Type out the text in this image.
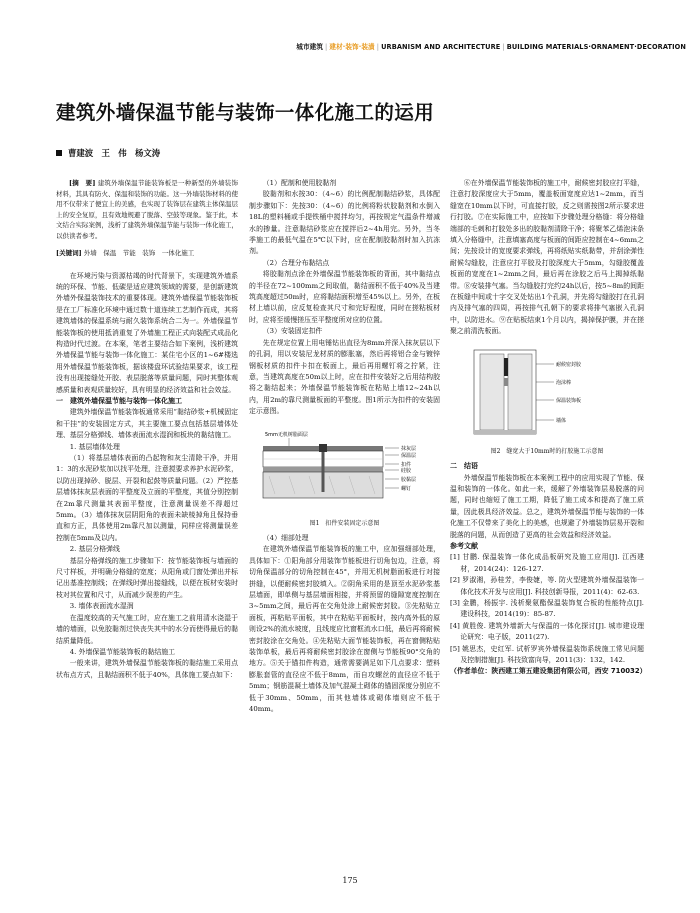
城市建筑 | 建材·装饰·装潢 | URBANISM AND ARCHITECTURE | BUILDING MATERIALS·ORNAMENT·DECORATION
建筑外墙保温节能与装饰一体化施工的运用
曹建波　王　伟　杨文涛

[摘　要] 建筑外墙保温节能装饰板是一种新型的外墙装饰材料，其具有防火、保温和装饰的功能。这一外墙装饰材料的使用不仅带来了便宜上的美感，也实现了装饰层在建筑主体保温层上的安全复原，且有效地规避了脱落、空鼓等现象。鉴于此，本文结合实际案例，浅析了建筑外墙保温节能与装饰一体化施工，以供读者参考。

[关键词] 外墙　保温　节能　装饰　一体化施工

在环境污染与资源枯竭的时代背景下，实现建筑外墙系统的环保、节能、低碳是适应建筑领域的需要，是创新建筑外墙外保温装饰技术的重要体现。建筑外墙保温节能装饰板是在工厂标准化环境中通过数十道连续工艺制作而成，其将建筑墙体的保温系统与耐久装饰系统合二为一。外墙保温节能装饰板的使用抵消重复了外墙施工程正式向装配式成品化构造时代过渡。在本案，笔者主要结合如下案例，浅析建筑外墙保温节能与装饰一体化施工：某住宅小区的1~6#楼选用外墙保温节能装饰板，据该楼盘环试验结果要求，该工程没有出现接缝处开胶、表层脱落等质量问题，同时其整体观感质量和表观质量较好，具有明显的经济效益和社会效益。

一　建筑外墙保温节能与装饰一体化施工

建筑外墙保温节能装饰板通常采用“黏结砂浆+机械固定和干挂”的安装固定方式，其主要施工要点包括基层墙体处理、基层分格弹线、墙体表面流水湿润和板块的黏结施工。

1. 基层墙体处理

（1）将基层墙体表面的凸起物和灰尘清除干净，并用1：3的水泥砂浆加以找平处理，注意搅要求养护水泥砂浆，以防出现掉砂、脱层、开裂和起鼓等质量问题。（2）严控基层墙体抹灰层表面的平整度及立面的平整度，其值分别控制在2m靠尺测量其表面平整度，注意测量误差不得超过5mm。（3）墙体抹灰层阴阳角的表面未缺棱掉角且保持垂直和方正，具体使用2m靠尺加以测量，同样应将测量误差控制在5mm及以内。

2. 基层分格弹线

基层分格弹线的施工步骤如下：按节能装饰板与墙面的尺寸样板，并明确分格缝的宽度；从阳角或门窗处弹出并标记出基准控制线；在弹线时弹出接缝线，以便在板材安装时枝对其位置和尺寸，从而减少误差的产生。

3. 墙体表面流水湿润

在温度较高的天气施工时，应在施工之前用清水浇湿于墙的墙面，以免胶黏剂过快丧失其中的水分而使得最后的黏结质量降低。

4. 外墙保温节能装饰板的黏结施工

一般来讲，建筑外墙保温节能装饰板的黏结施工采用点状布点方式，且黏结面积不低于40%，具体施工要点如下：

（1）配制和使用胶黏剂

胶黏剂和水按30：（4~6）的比例配制黏结砂浆，具体配制步骤如下：先按30：（4~6）的比例将粉状胶黏剂和水倒入18L的塑料桶或手提铁桶中搅拌均匀，再按规定气温条件增减水的掺量。注意黏结砂浆应在搅拌后2~4h用完。另外，当冬季施工的最低气温在5℃以下时，应在配制胶黏剂时加入抗冻剂。

（2）合理分布黏结点

将胶黏剂点涂在外墙保温节能装饰板的背面，其中黏结点的半径在72~100mm之间取值，黏结面积不低于40%及当建筑高度超过50m时，应将黏结面积增至45%以上。另外，在板材上墙以前，应反复检查其尺寸和完好程度，同时在搓粘板材时，应将至缓慢搓压至平整度所对应的位置。

（3）安装固定扣件

先在规定位置上用电锤钻出直径为8mm并深入抹灰层以下的孔洞，用以安装尼龙材质的膨胀塞，然后再将铝合金与镀锌钢板材质的扣件卡扣在板面上，最后再用螺钉将之拧紧，注意，当建筑高度在50m以上时，应在扣件安装好之后用结构胶将之黏结起来；外墙保温节能装饰板在粘贴上墙12~24h以内，用2m的靠尺测量板面的平整度。图1所示为扣件的安装固定示意图。

5mm无机树脂面层
抹灰层
保温层
扣件
硅胶
胶黏层
螺钉

图1　扣件安装固定示意图

（4）细部处理

在建筑外墙保温节能装饰板的施工中，应加强细部处理，具体如下：①阳角部分用装饰节能板进行切角包边，注意，将切角保温部分的切角控制在45°，并用无机树脂面板进行对接拼缝，以便耐候密封胶填入。②阴角采用的是顶至水泥砂浆基层墙面，即单侧与基层墙面相接，并将预留的缝隙宽度控制在3~5mm之间，最后再在交角处涂上耐候密封胶。③先粘贴立面板，再粘贴平面板，其中在粘贴平面板时，按内高外低的原则设2%的流水坡度，且线度应比窗框流水口低，最后再将耐候密封胶涂在交角处。④先粘贴大面节能装饰板，再在窗侧粘贴装饰单板，最后再将耐候密封胶涂在窗侧与节能板90°交角的地方。⑤关于锚扣件构造，通常需要满足如下几点要求：塑料膨胀套管的直径应不低于8mm，而自攻螺丝的直径应不低于5mm；钢筋混凝土墙体及加气混凝土砌体的锚固深度分别应不低于30mm、50mm，而其他墙体或砌体墙则应不低于40mm。

⑥在外墙保温节能装饰板的施工中，耐候密封胶应打平缝，注意打胶深度应大于5mm，覆盖板面宽度应达1~2mm，而当缝宽在10mm以下时，可直接打胶，反之则需按图2所示要求进行打胶。⑦在实际施工中，应按如下步骤处理分格缝：将分格缝端部的毛刺和打胶处多出的胶黏剂清除干净；将聚苯乙烯泡沫条填入分格缝中，注意填塞高度与板面的间距应控制在4~6mm之间；先按设计的宽度要求弹线，再将纸贴实纸黏带，并刮涂弹性耐候勾缝胶，注意应打平胶及打胶深度大于5mm，勾缝胶覆盖板面的宽度在1~2mm之间，最后再在涂胶之后马上揭掉纸黏带。⑧安装排气塞。当勾缝胶打完约24h以后，按5~8m的间距在板缝中间或十字交叉处钻出1个孔洞，并先将勾缝胶打在孔洞内及排气塞的四周，再按排气孔朝下的要求将排气塞嵌入孔洞中，以防进水。⑨在贴板结束1个月以内，揭掉保护膜，并在搓聚之前清洗板面。

耐候密封胶
泡沫棒
保温装饰板
墙体

图2　缝宽大于10mm时的打胶施工示意图

二　结语

外墙保温节能装饰板在本案例工程中的应用实现了节能、保温和装饰的一体化。如此一来，缓解了外墙装饰层易脱落的问题，同时也缩短了施工工期，降低了施工成本和提高了施工质量，因此极具经济效益。总之，建筑外墙保温节能与装饰的一体化施工不仅带来了美化上的美感，也规避了外墙装饰层易开裂和脱落的问题，从而创造了更高的社会效益和经济效益。

参考文献

[1] 甘鹏. 保温装饰一体化成品板研究及施工应用[J]. 江西建材，2014(24)：126-127.

[2] 罗淑湘，孙桂芳，李俊婕，等. 防火型建筑外墙保温装饰一体化技术开发与应用[J]. 科技创新导报，2011(4)：62-63.

[3] 金鹏，杨振宇. 浅析聚氨酯保温装饰复合板的性能特点[J]. 建设科技，2014(19)：85-87.

[4] 黄胜俊. 建筑外墙新大与保温的一体化探讨[J]. 城市建设理论研究：电子版，2011(27).

[5] 姚思杰，史红军. 试析罗宾外墙保温装饰系统施工常见问题及控制措施[J]. 科技致富向导，2011(3)：132，142.

（作者单位：陕西建工第五建设集团有限公司，西安 710032）

175
